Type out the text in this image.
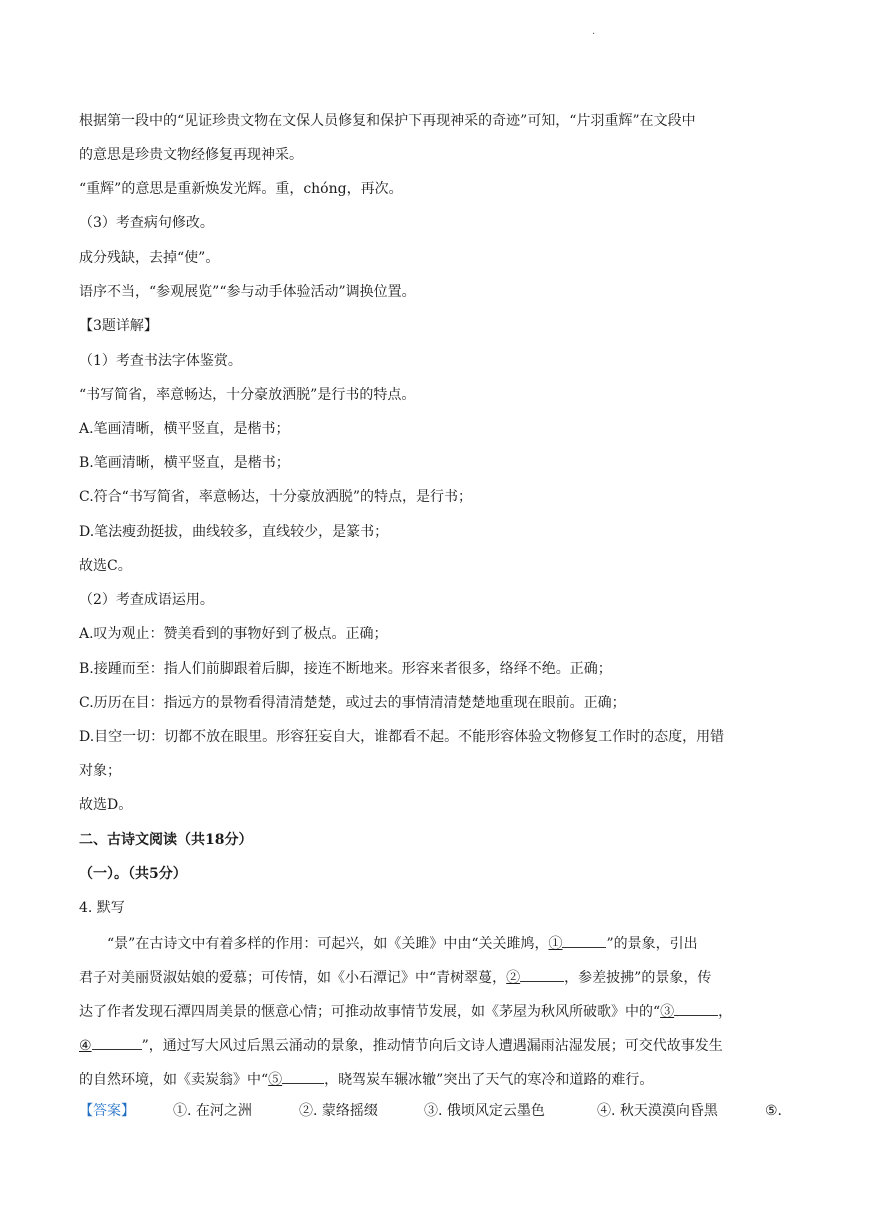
.
根据第一段中的“见证珍贵文物在文保人员修复和保护下再现神采的奇迹”可知，“片羽重辉”在文段中
的意思是珍贵文物经修复再现神采。
“重辉”的意思是重新焕发光辉。重，chóng，再次。
（3）考查病句修改。
成分残缺，去掉“使”。
语序不当，“参观展览”“参与动手体验活动”调换位置。
【3题详解】
（1）考查书法字体鉴赏。
“书写简省，率意畅达，十分豪放洒脱”是行书的特点。
A.笔画清晰，横平竖直，是楷书；
B.笔画清晰，横平竖直，是楷书；
C.符合“书写简省，率意畅达，十分豪放洒脱”的特点，是行书；
D.笔法瘦劲挺拔，曲线较多，直线较少，是篆书；
故选C。
（2）考查成语运用。
A.叹为观止：赞美看到的事物好到了极点。正确；
B.接踵而至：指人们前脚跟着后脚，接连不断地来。形容来者很多，络绎不绝。正确；
C.历历在目：指远方的景物看得清清楚楚，或过去的事情清清楚楚地重现在眼前。正确；
D.目空一切：切都不放在眼里。形容狂妄自大，谁都看不起。不能形容体验文物修复工作时的态度，用错
对象；
故选D。
二、古诗文阅读（共18分）
（一）。（共5分）
4. 默写
“景”在古诗文中有着多样的作用：可起兴，如《关雎》中由“关关雎鸠，①	”的景象，引出
君子对美丽贤淑姑娘的爱慕；可传情，如《小石潭记》中“青树翠蔓，②	，参差披拂”的景象，传
达了作者发现石潭四周美景的惬意心情；可推动故事情节发展，如《茅屋为秋风所破歌》中的“③	，
④	”，通过写大风过后黑云涌动的景象，推动情节向后文诗人遭遇漏雨沾湿发展；可交代故事发生
的自然环境，如《卖炭翁》中“⑤	，晓驾炭车辗冰辙”突出了天气的寒冷和道路的难行。
【答案】	①. 在河之洲	②. 蒙络摇缀	③. 俄顷风定云墨色	④. 秋天漠漠向昏黑	⑤.
